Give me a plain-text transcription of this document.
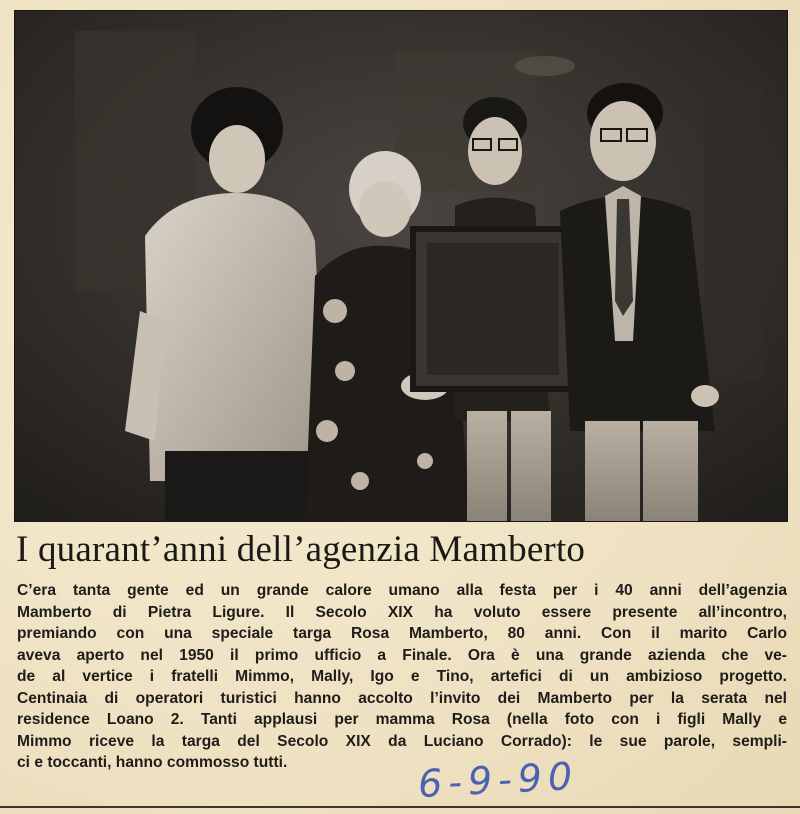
I quarant’anni dell’agenzia Mamberto
C’era tanta gente ed un grande calore umano alla festa per i 40 anni dell’agenzia
Mamberto di Pietra Ligure. Il Secolo XIX ha voluto essere presente all’incontro,
premiando con una speciale targa Rosa Mamberto, 80 anni. Con il marito Carlo
aveva aperto nel 1950 il primo ufficio a Finale. Ora è una grande azienda che ve-
de al vertice i fratelli Mimmo, Mally, Igo e Tino, artefici di un ambizioso progetto.
Centinaia di operatori turistici hanno accolto l’invito dei Mamberto per la serata nel
residence Loano 2. Tanti applausi per mamma Rosa (nella foto con i figli Mally e
Mimmo riceve la targa del Secolo XIX da Luciano Corrado): le sue parole, sempli-
ci e toccanti, hanno commosso tutti.	6-9-90
